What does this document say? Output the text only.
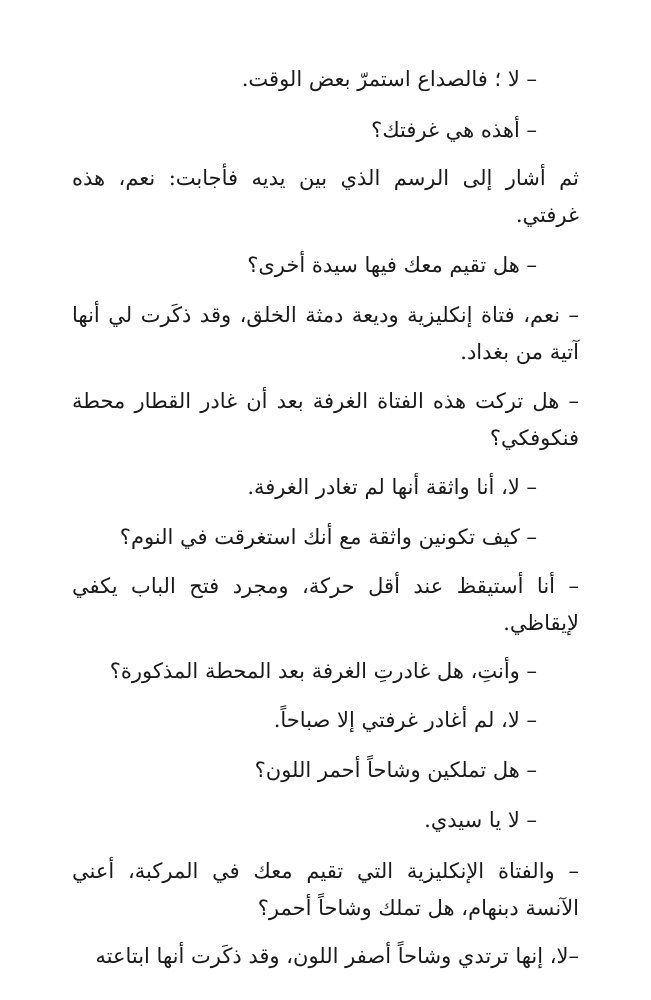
– لا ؛ فالصداع استمرّ بعض الوقت.

– أهذه هي غرفتك؟

ثم أشار إلى الرسم الذي بين يديه فأجابت: نعم، هذه غرفتي.

– هل تقيم معك فيها سيدة أخرى؟

– نعم، فتاة إنكليزية وديعة دمثة الخلق، وقد ذكَرت لي أنها آتية من بغداد.

– هل تركت هذه الفتاة الغرفة بعد أن غادر القطار محطة فنكوفكي؟

– لا، أنا واثقة أنها لم تغادر الغرفة.

– كيف تكونين واثقة مع أنك استغرقت في النوم؟

– أنا أستيقظ عند أقل حركة، ومجرد فتح الباب يكفي لإيقاظي.

– وأنتِ، هل غادرتِ الغرفة بعد المحطة المذكورة؟

– لا، لم أغادر غرفتي إلا صباحاً.

– هل تملكين وشاحاً أحمر اللون؟

– لا يا سيدي.

– والفتاة الإنكليزية التي تقيم معك في المركبة، أعني الآنسة دبنهام، هل تملك وشاحاً أحمر؟

–لا، إنها ترتدي وشاحاً أصفر اللون، وقد ذكَرت أنها ابتاعته
